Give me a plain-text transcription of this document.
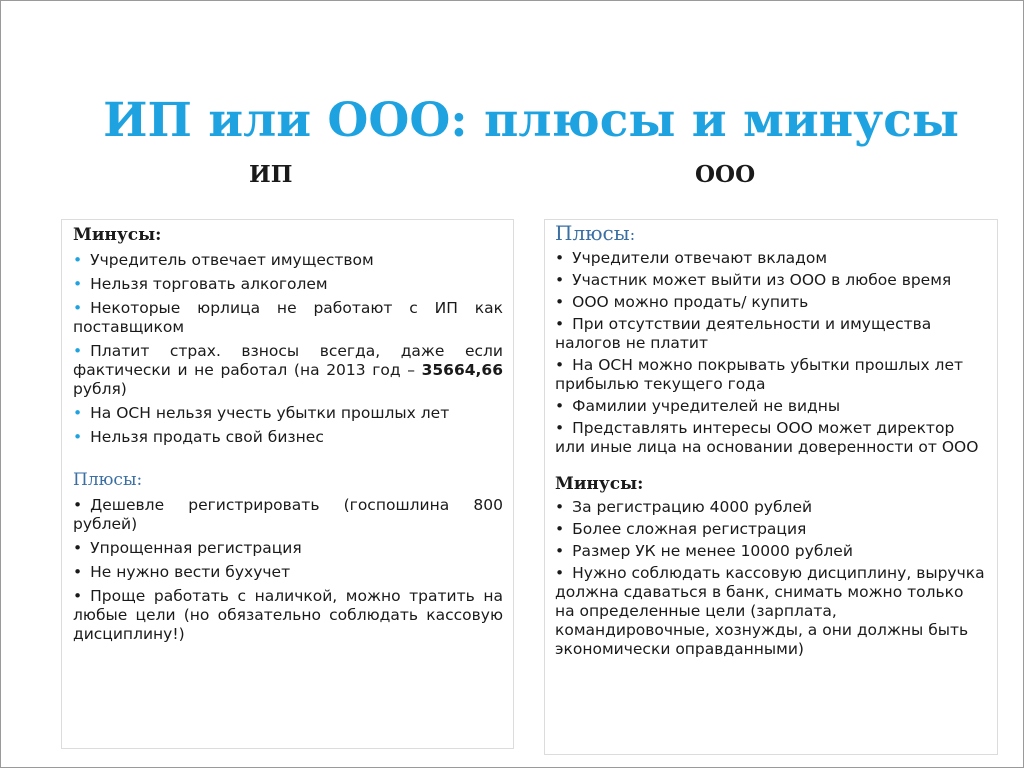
ИП или ООО: плюсы и минусы
ИП	ООО
Минусы:
• Учредитель отвечает имуществом
• Нельзя торговать алкоголем
• Некоторые юрлица не работают с ИП как поставщиком
• Платит страх. взносы всегда, даже если фактически и не работал (на 2013 год – 35664,66 рубля)
• На ОСН нельзя учесть убытки прошлых лет
• Нельзя продать свой бизнес
Плюсы:
• Дешевле регистрировать (госпошлина 800 рублей)
• Упрощенная регистрация
• Не нужно вести бухучет
• Проще работать с наличкой, можно тратить на любые цели (но обязательно соблюдать кассовую дисциплину!)
Плюсы:
• Учредители отвечают вкладом
• Участник может выйти из ООО в любое время
• ООО можно продать/ купить
• При отсутствии деятельности и имущества налогов не платит
• На ОСН можно покрывать убытки прошлых лет прибылью текущего года
• Фамилии учредителей не видны
• Представлять интересы ООО может директор или иные лица на основании доверенности от ООО
Минусы:
• За регистрацию 4000 рублей
• Более сложная регистрация
• Размер УК не менее 10000 рублей
• Нужно соблюдать кассовую дисциплину, выручка должна сдаваться в банк, снимать можно только на определенные цели (зарплата, командировочные, хознужды, а они должны быть экономически оправданными)
